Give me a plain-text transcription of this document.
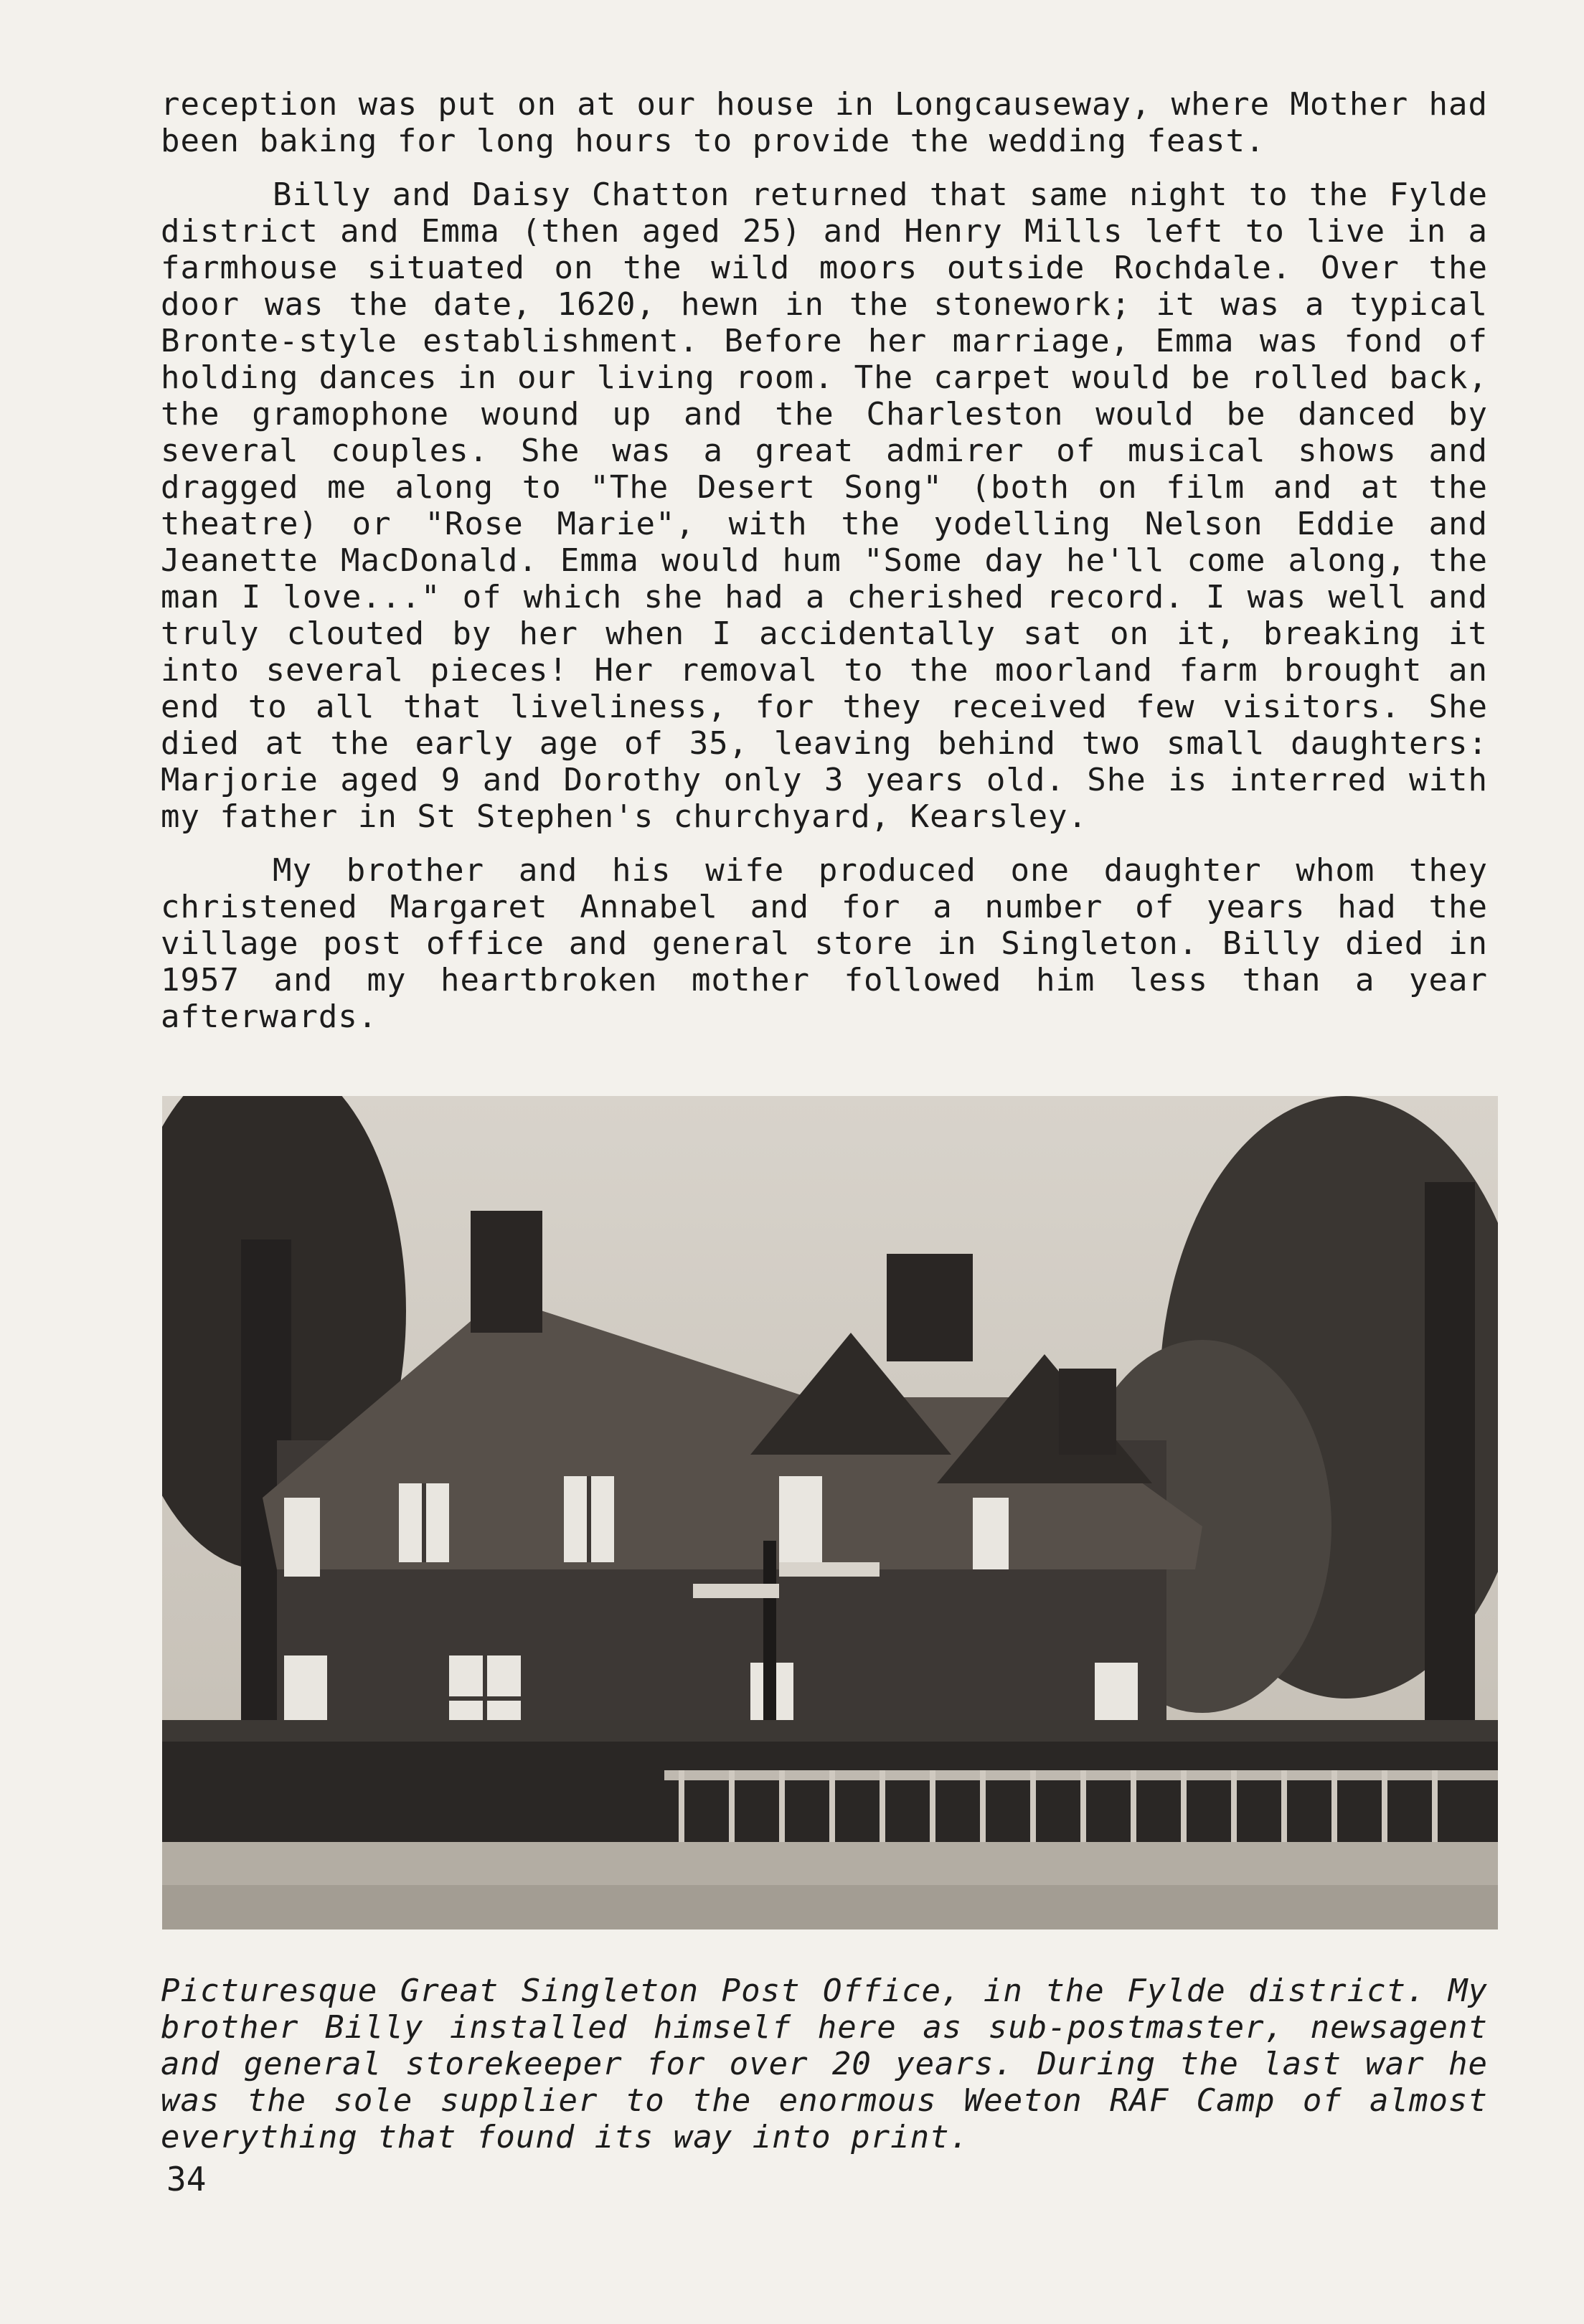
reception was put on at our house in Longcauseway, where Mother had been baking for long hours to provide the wedding feast.

Billy and Daisy Chatton returned that same night to the Fylde district and Emma (then aged 25) and Henry Mills left to live in a farmhouse situated on the wild moors outside Rochdale. Over the door was the date, 1620, hewn in the stonework; it was a typical Bronte-style establishment. Before her marriage, Emma was fond of holding dances in our living room. The carpet would be rolled back, the gramophone wound up and the Charleston would be danced by several couples. She was a great admirer of musical shows and dragged me along to "The Desert Song" (both on film and at the theatre) or "Rose Marie", with the yodelling Nelson Eddie and Jeanette MacDonald. Emma would hum "Some day he'll come along, the man I love..." of which she had a cherished record. I was well and truly clouted by her when I accidentally sat on it, breaking it into several pieces! Her removal to the moorland farm brought an end to all that liveliness, for they received few visitors. She died at the early age of 35, leaving behind two small daughters: Marjorie aged 9 and Dorothy only 3 years old. She is interred with my father in St Stephen's churchyard, Kearsley.

My brother and his wife produced one daughter whom they christened Margaret Annabel and for a number of years had the village post office and general store in Singleton. Billy died in 1957 and my heartbroken mother followed him less than a year afterwards.

Picturesque Great Singleton Post Office, in the Fylde district. My brother Billy installed himself here as sub-postmaster, newsagent and general storekeeper for over 20 years. During the last war he was the sole supplier to the enormous Weeton RAF Camp of almost everything that found its way into print.

34
